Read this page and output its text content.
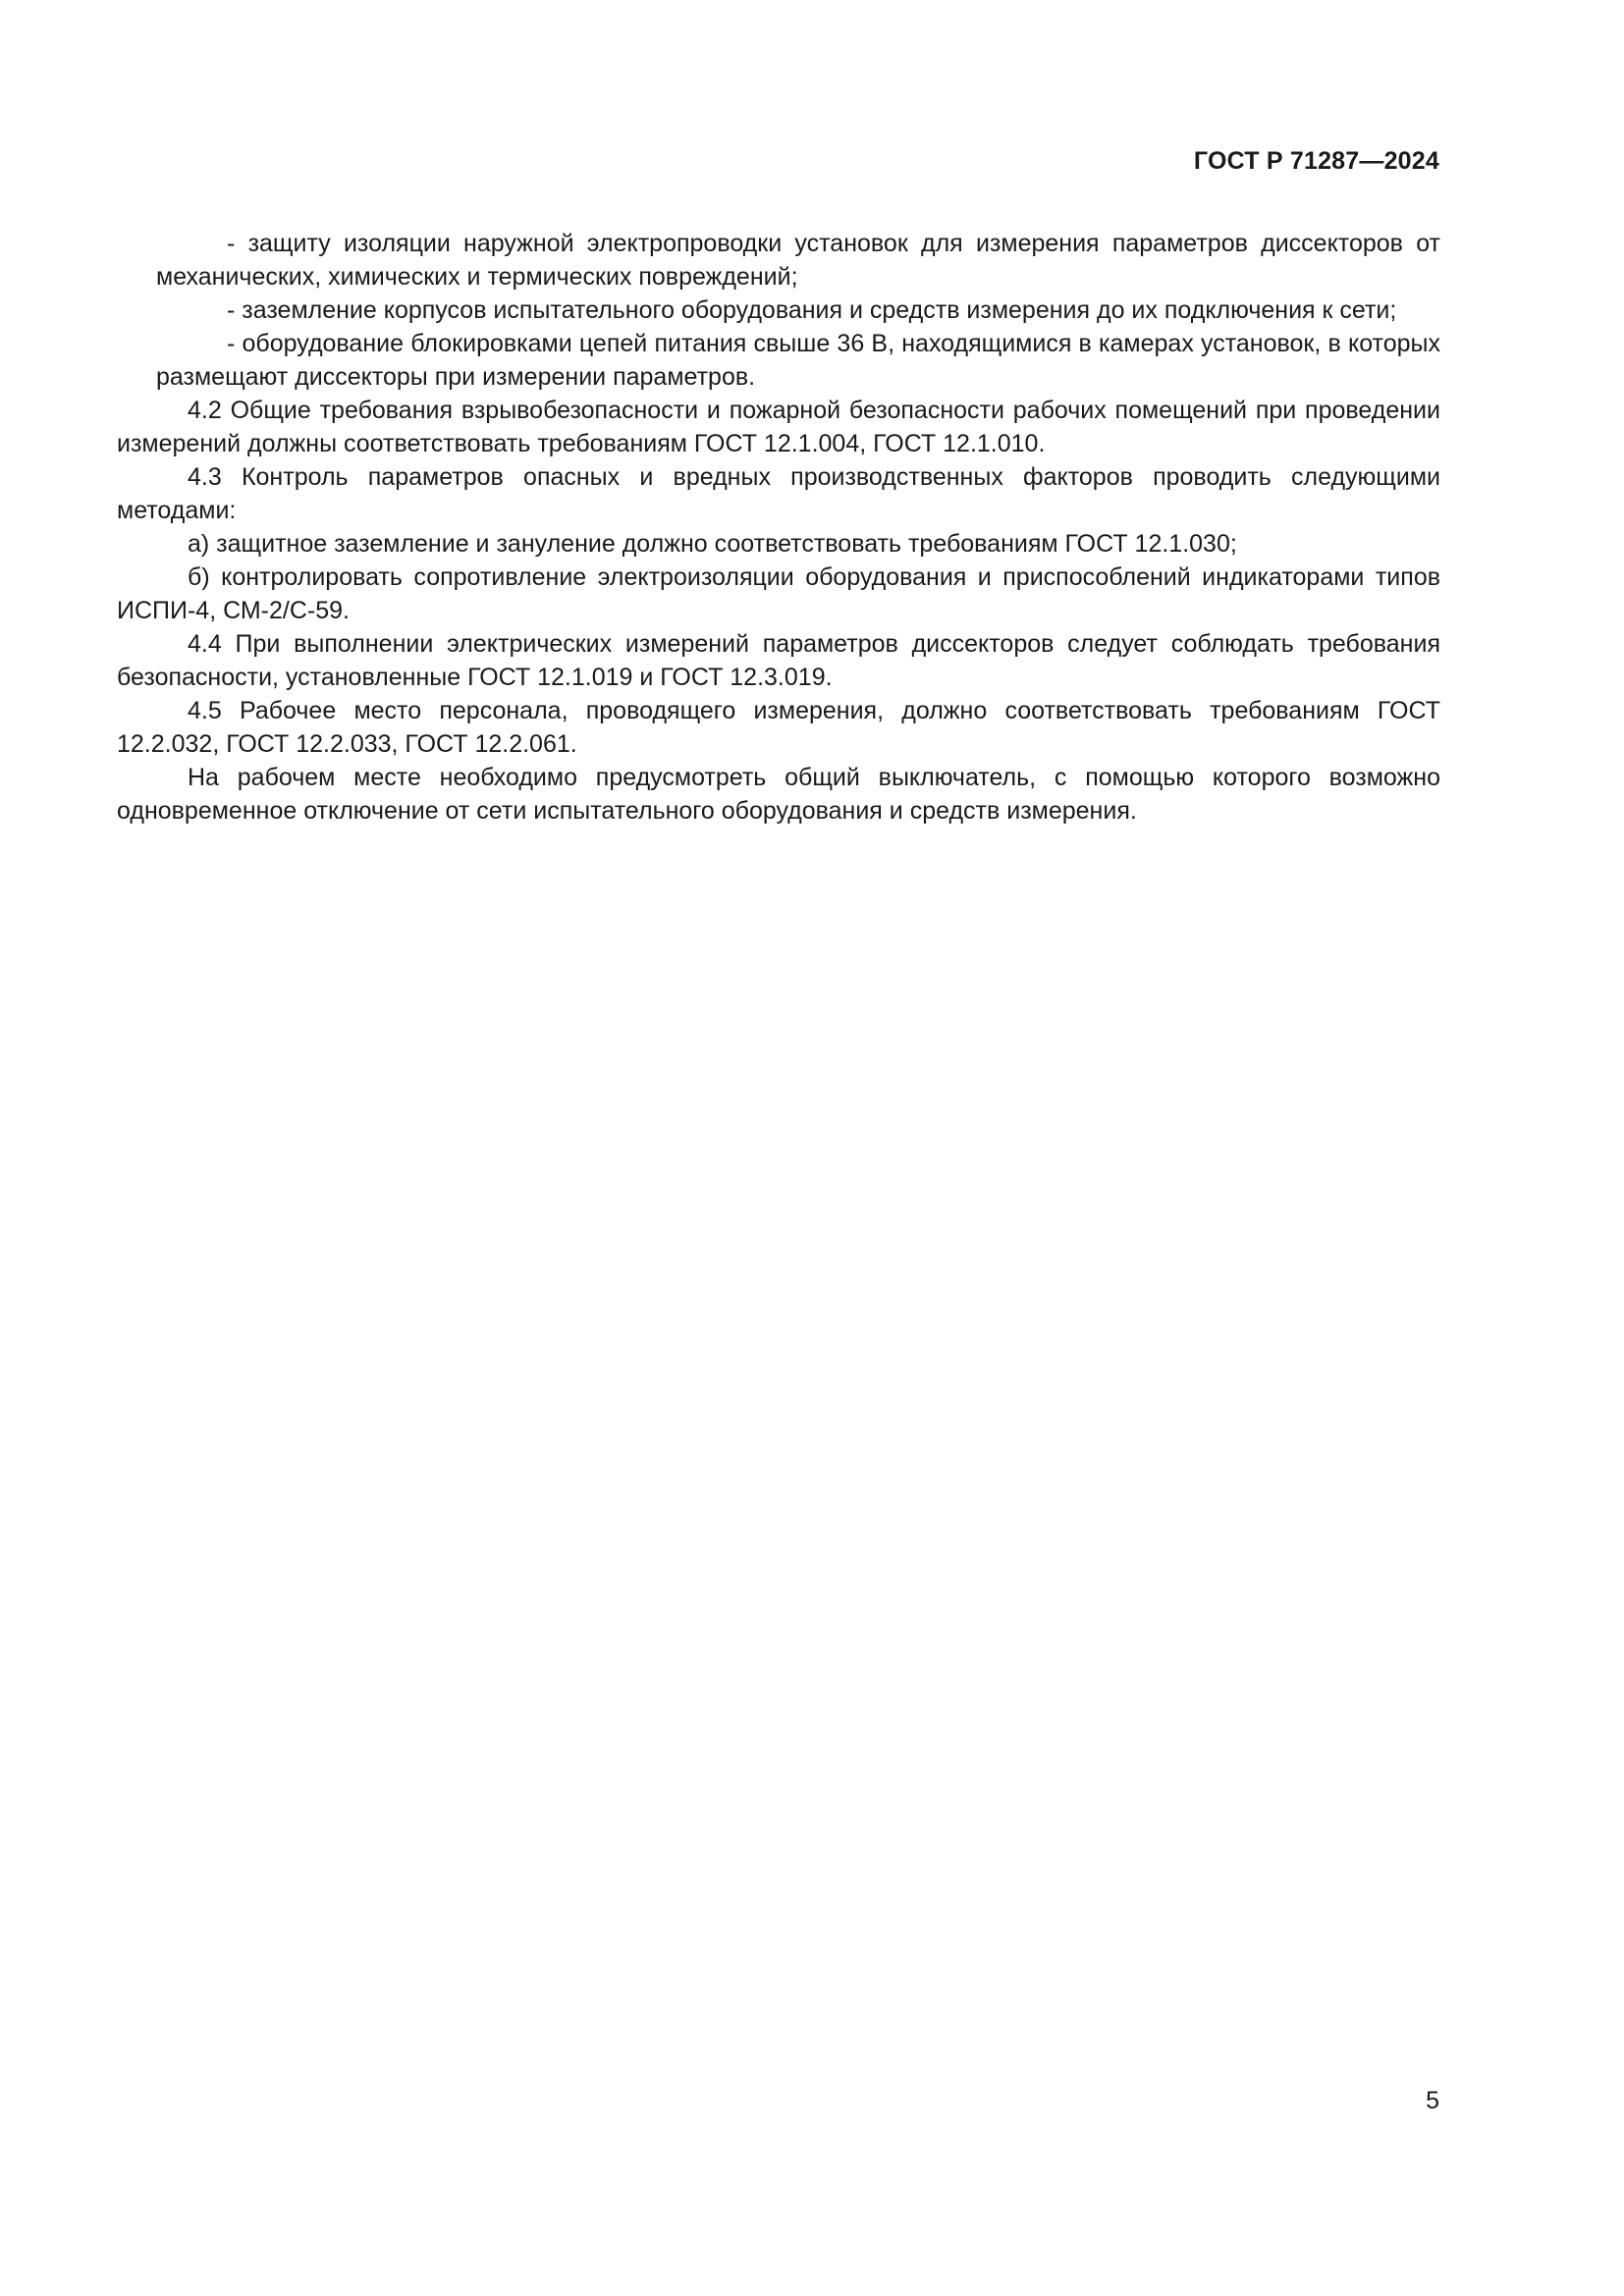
ГОСТ Р 71287—2024

- защиту изоляции наружной электропроводки установок для измерения параметров диссекторов от механических, химических и термических повреждений;

- заземление корпусов испытательного оборудования и средств измерения до их подключения к сети;

- оборудование блокировками цепей питания свыше 36 В, находящимися в камерах установок, в которых размещают диссекторы при измерении параметров.

4.2 Общие требования взрывобезопасности и пожарной безопасности рабочих помещений при проведении измерений должны соответствовать требованиям ГОСТ 12.1.004, ГОСТ 12.1.010.

4.3 Контроль параметров опасных и вредных производственных факторов проводить следующими методами:

а) защитное заземление и зануление должно соответствовать требованиям ГОСТ 12.1.030;

б) контролировать сопротивление электроизоляции оборудования и приспособлений индикаторами типов ИСПИ-4, СМ-2/С-59.

4.4 При выполнении электрических измерений параметров диссекторов следует соблюдать требования безопасности, установленные ГОСТ 12.1.019 и ГОСТ 12.3.019.

4.5 Рабочее место персонала, проводящего измерения, должно соответствовать требованиям ГОСТ 12.2.032, ГОСТ 12.2.033, ГОСТ 12.2.061.

На рабочем месте необходимо предусмотреть общий выключатель, с помощью которого возможно одновременное отключение от сети испытательного оборудования и средств измерения.

5
